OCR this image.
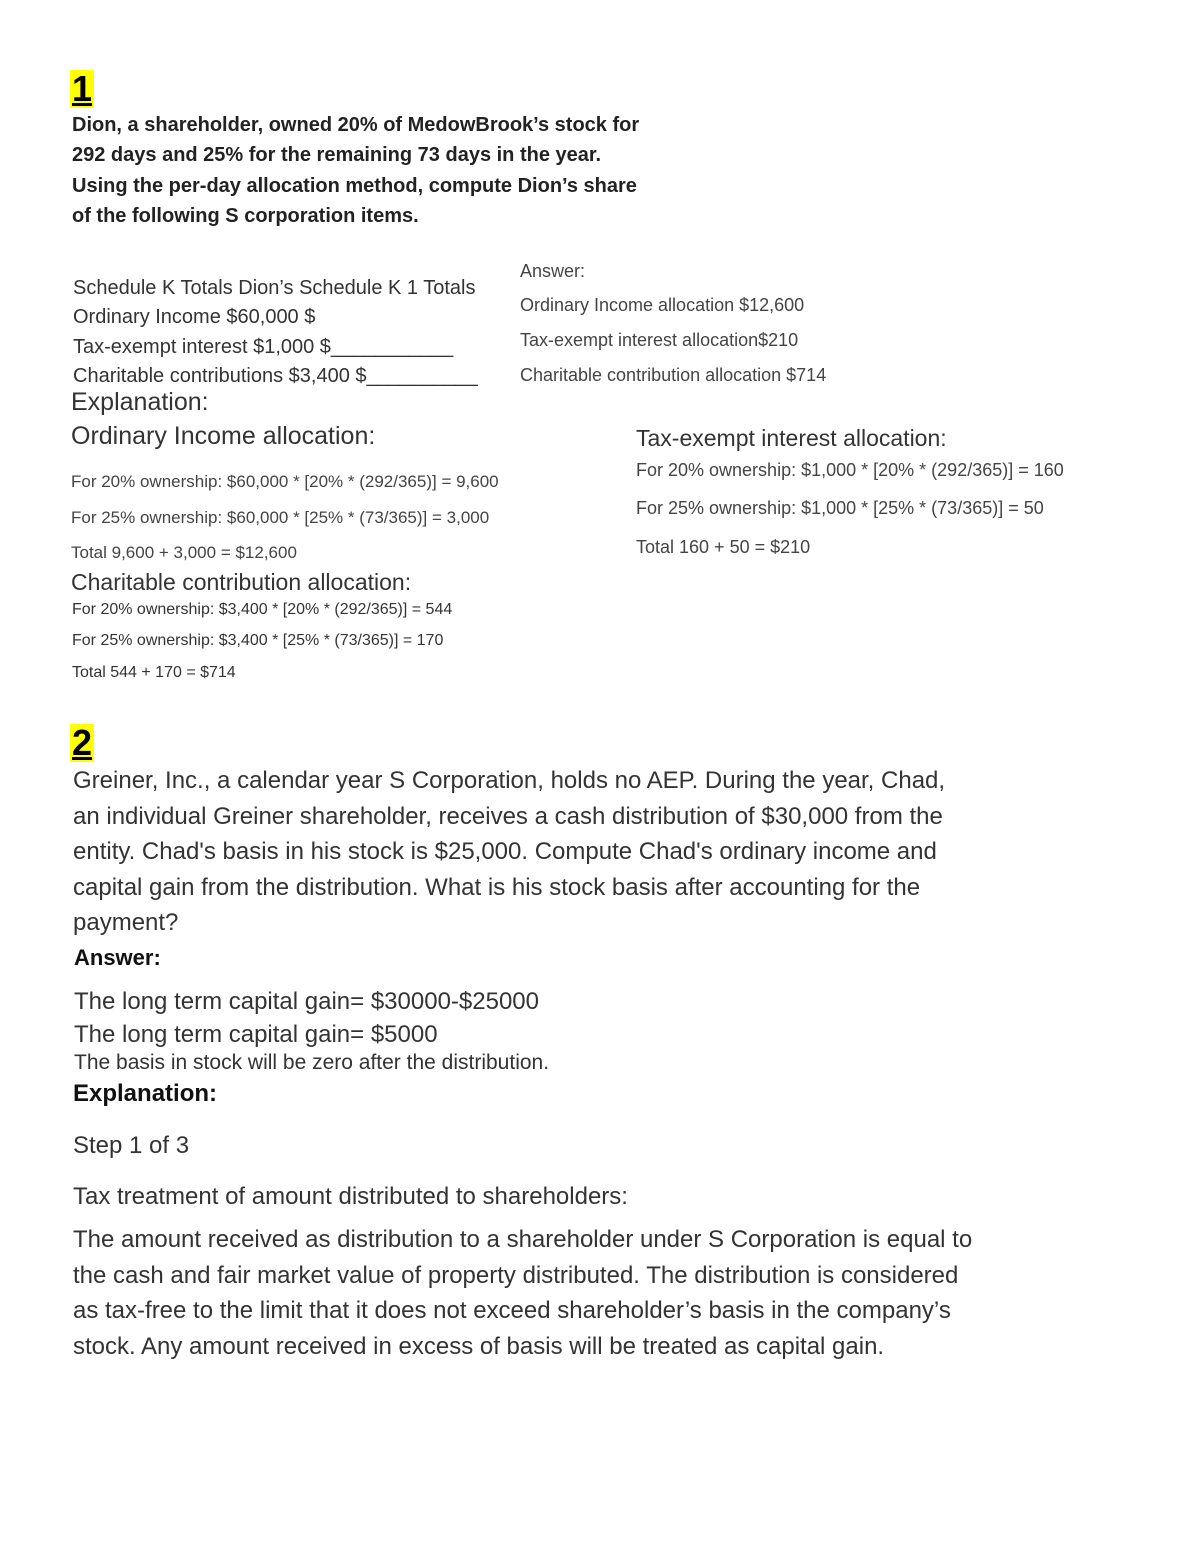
1
Dion, a shareholder, owned 20% of MedowBrook’s stock for 292 days and 25% for the remaining 73 days in the year. Using the per-day allocation method, compute Dion’s share of the following S corporation items.
Answer:
Schedule K Totals Dion’s Schedule K 1 Totals
Ordinary Income $60,000 $
Tax-exempt interest $1,000 $___________
Charitable contributions $3,400 $__________
Ordinary Income allocation $12,600
Tax-exempt interest allocation$210
Charitable contribution allocation $714
Explanation:
Ordinary Income allocation:
For 20% ownership: $60,000 * [20% * (292/365)] = 9,600
For 25% ownership: $60,000 * [25% * (73/365)] = 3,000
Total 9,600 + 3,000 = $12,600
Tax-exempt interest allocation:
For 20% ownership: $1,000 * [20% * (292/365)] = 160
For 25% ownership: $1,000 * [25% * (73/365)] = 50
Total 160 + 50 = $210
Charitable contribution allocation:
For 20% ownership: $3,400 * [20% * (292/365)] = 544
For 25% ownership: $3,400 * [25% * (73/365)] = 170
Total 544 + 170 = $714
2
Greiner, Inc., a calendar year S Corporation, holds no AEP. During the year, Chad, an individual Greiner shareholder, receives a cash distribution of $30,000 from the entity. Chad's basis in his stock is $25,000. Compute Chad's ordinary income and capital gain from the distribution. What is his stock basis after accounting for the payment?
Answer:
The long term capital gain= $30000-$25000
The long term capital gain= $5000
The basis in stock will be zero after the distribution.
Explanation:
Step 1 of 3
Tax treatment of amount distributed to shareholders:
The amount received as distribution to a shareholder under S Corporation is equal to the cash and fair market value of property distributed. The distribution is considered as tax-free to the limit that it does not exceed shareholder’s basis in the company’s stock. Any amount received in excess of basis will be treated as capital gain.
